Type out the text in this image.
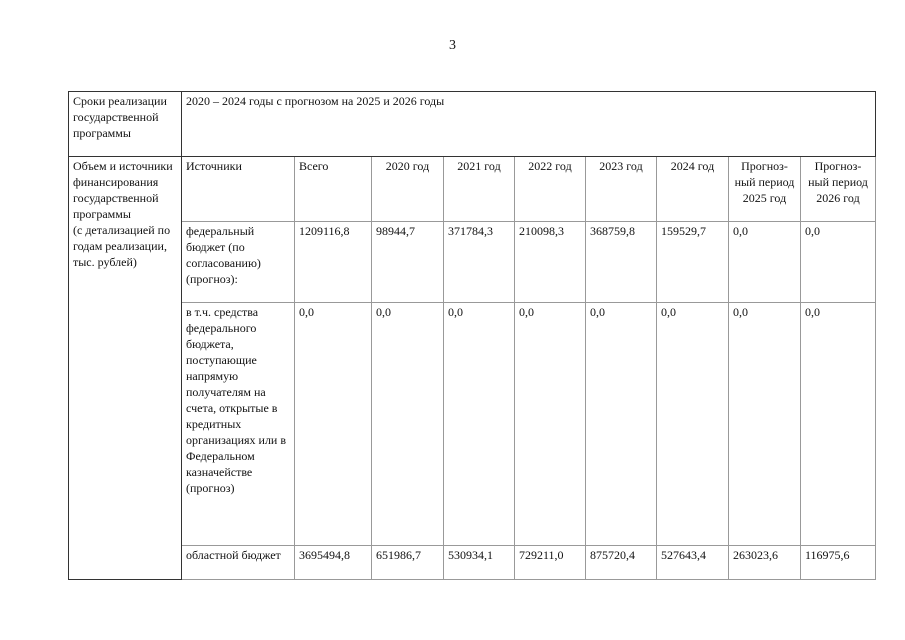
3
Сроки реализации государственной программы	2020 – 2024 годы с прогнозом на 2025 и 2026 годы								

Объем и источники финансирования государственной программы
(с детализацией по годам реализации, тыс. рублей)	Источники	Всего	2020 год	2021 год	2022 год	2023 год	2024 год	Прогноз-ный период 2025 год	Прогноз-ный период 2026 год
	федеральный бюджет (по согласованию) (прогноз):	1209116,8	98944,7	371784,3	210098,3	368759,8	159529,7	0,0	0,0
	в т.ч. средства федерального бюджета, поступающие напрямую получателям на счета, открытые в кредитных организациях или в Федеральном казначействе (прогноз)	0,0	0,0	0,0	0,0	0,0	0,0	0,0	0,0
	областной бюджет	3695494,8	651986,7	530934,1	729211,0	875720,4	527643,4	263023,6	116975,6
